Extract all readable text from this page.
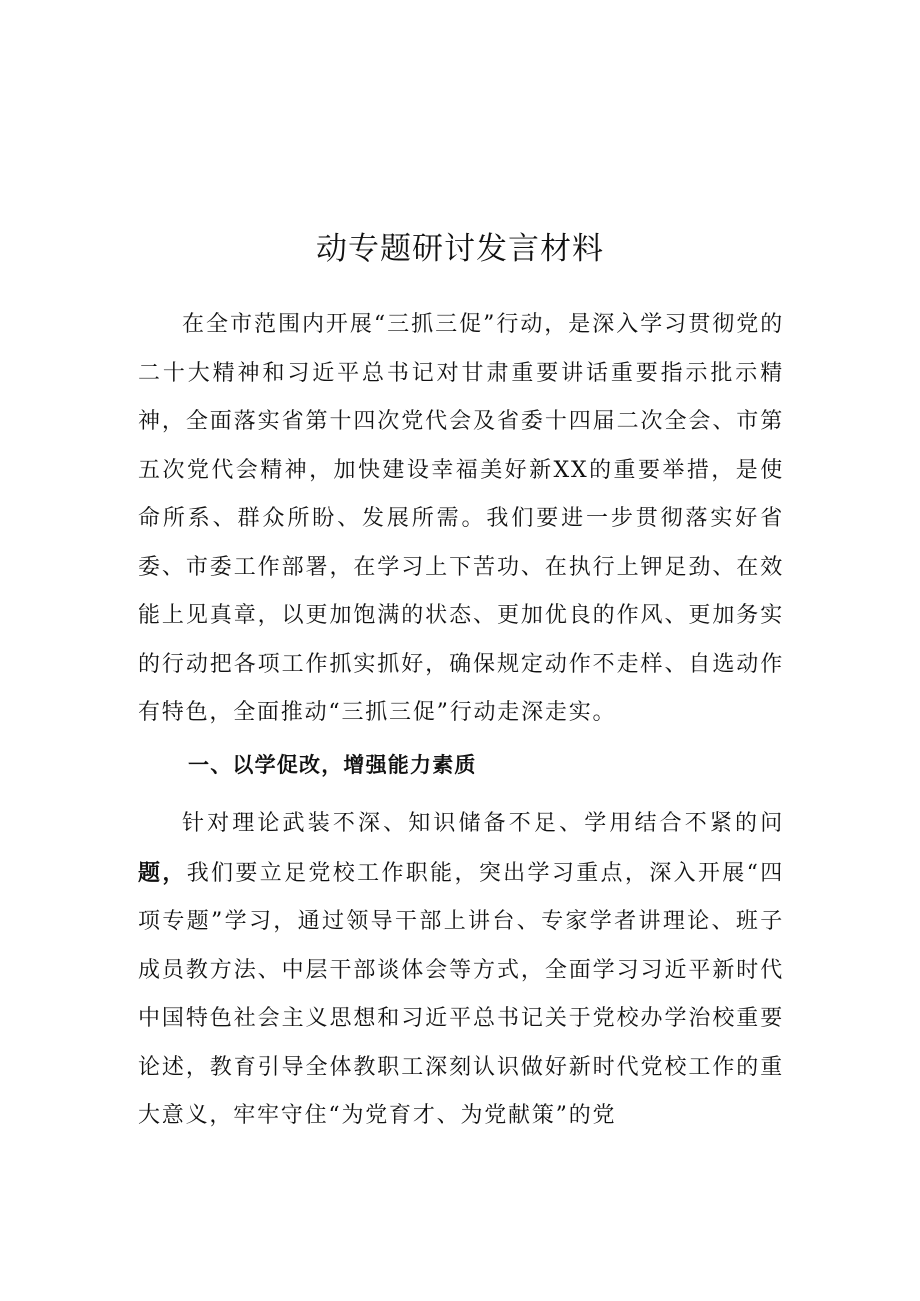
动专题研讨发言材料

在全市范围内开展“三抓三促”行动，是深入学习贯彻党的二十大精神和习近平总书记对甘肃重要讲话重要指示批示精神，全面落实省第十四次党代会及省委十四届二次全会、市第五次党代会精神，加快建设幸福美好新XX的重要举措，是使命所系、群众所盼、发展所需。我们要进一步贯彻落实好省委、市委工作部署，在学习上下苦功、在执行上钾足劲、在效能上见真章，以更加饱满的状态、更加优良的作风、更加务实的行动把各项工作抓实抓好，确保规定动作不走样、自选动作有特色，全面推动“三抓三促”行动走深走实。

一、以学促改，增强能力素质

针对理论武装不深、知识储备不足、学用结合不紧的问题，我们要立足党校工作职能，突出学习重点，深入开展“四项专题”学习，通过领导干部上讲台、专家学者讲理论、班子成员教方法、中层干部谈体会等方式，全面学习习近平新时代中国特色社会主义思想和习近平总书记关于党校办学治校重要论述，教育引导全体教职工深刻认识做好新时代党校工作的重大意义，牢牢守住“为党育才、为党献策”的党
